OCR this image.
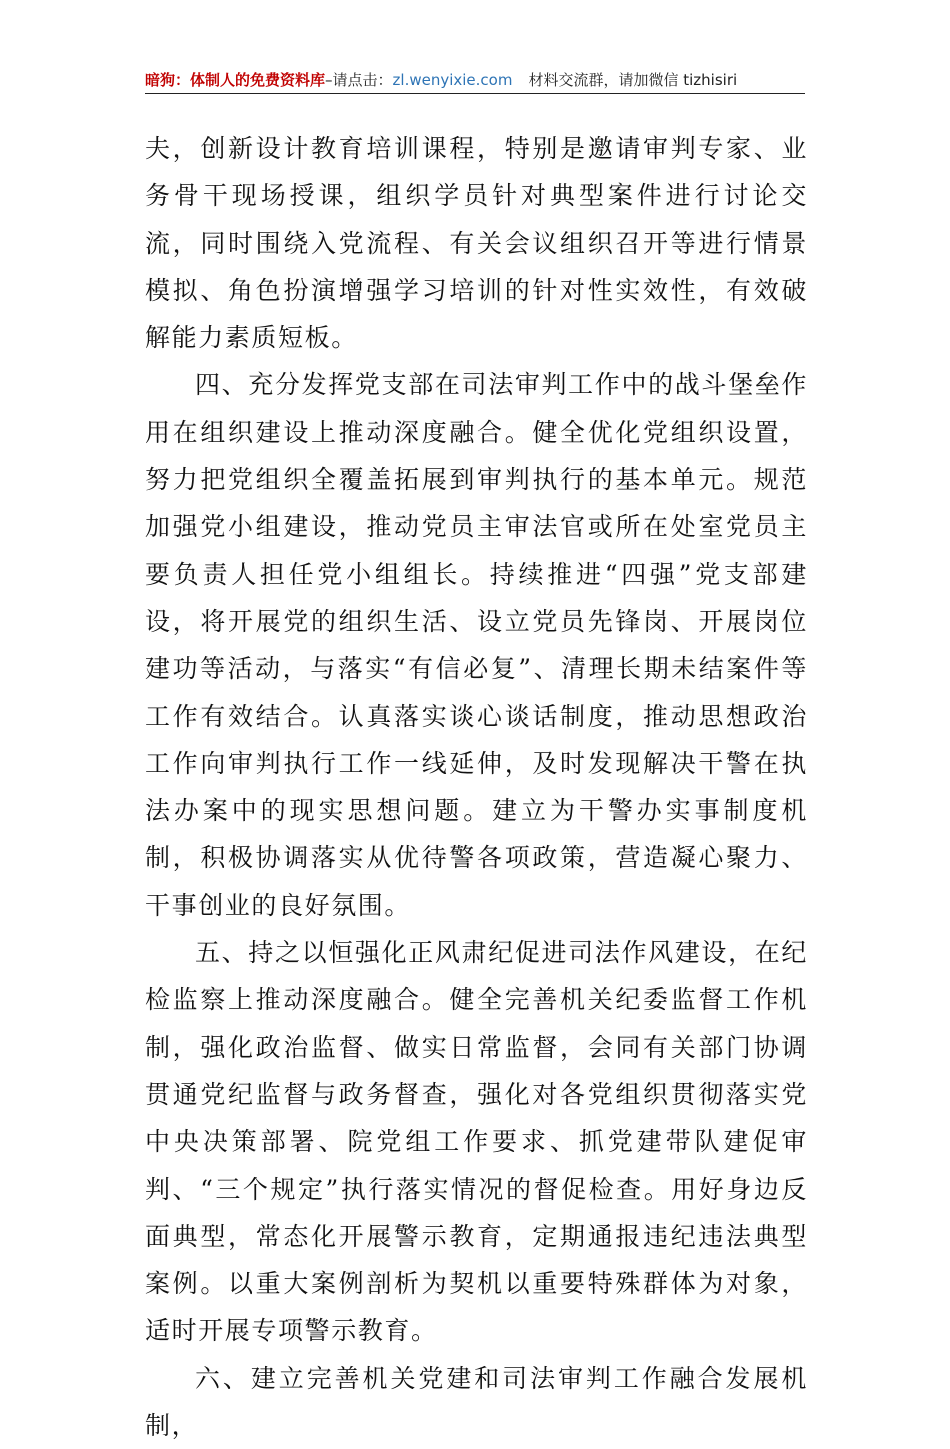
暗狗：体制人的免费资料库–请点击：zl.wenyixie.com 材料交流群，请加微信 tizhisiri

夫，创新设计教育培训课程，特别是邀请审判专家、业务骨干现场授课，组织学员针对典型案件进行讨论交流，同时围绕入党流程、有关会议组织召开等进行情景模拟、角色扮演增强学习培训的针对性实效性，有效破解能力素质短板。

四、充分发挥党支部在司法审判工作中的战斗堡垒作用在组织建设上推动深度融合。健全优化党组织设置，努力把党组织全覆盖拓展到审判执行的基本单元。规范加强党小组建设，推动党员主审法官或所在处室党员主要负责人担任党小组组长。持续推进“四强”党支部建设，将开展党的组织生活、设立党员先锋岗、开展岗位建功等活动，与落实“有信必复”、清理长期未结案件等工作有效结合。认真落实谈心谈话制度，推动思想政治工作向审判执行工作一线延伸，及时发现解决干警在执法办案中的现实思想问题。建立为干警办实事制度机制，积极协调落实从优待警各项政策，营造凝心聚力、干事创业的良好氛围。

五、持之以恒强化正风肃纪促进司法作风建设，在纪检监察上推动深度融合。健全完善机关纪委监督工作机制，强化政治监督、做实日常监督，会同有关部门协调贯通党纪监督与政务督查，强化对各党组织贯彻落实党中央决策部署、院党组工作要求、抓党建带队建促审判、“三个规定”执行落实情况的督促检查。用好身边反面典型，常态化开展警示教育，定期通报违纪违法典型案例。以重大案例剖析为契机以重要特殊群体为对象，适时开展专项警示教育。

六、建立完善机关党建和司法审判工作融合发展机制，
